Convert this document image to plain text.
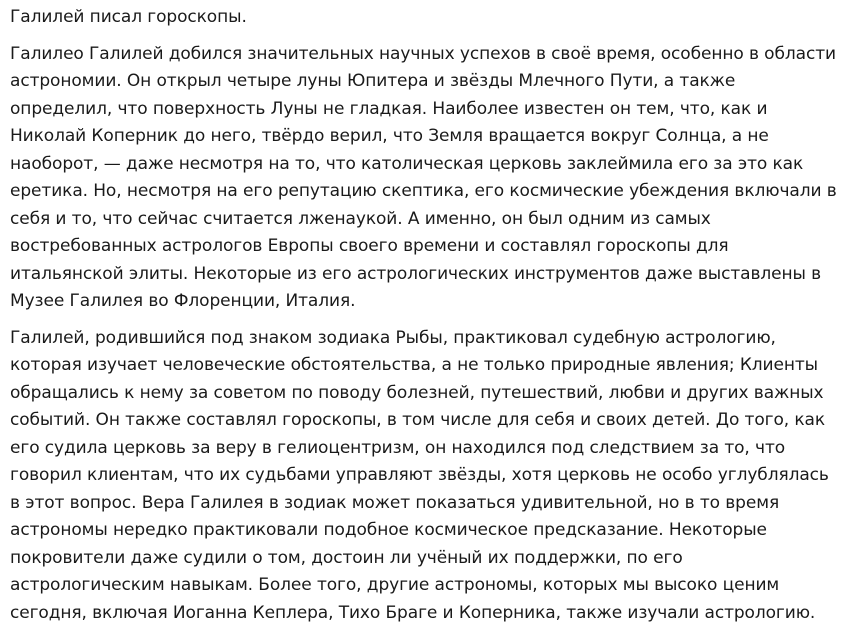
Галилей писал гороскопы.

Галилео Галилей добился значительных научных успехов в своё время, особенно в области астрономии. Он открыл четыре луны Юпитера и звёзды Млечного Пути, а также определил, что поверхность Луны не гладкая. Наиболее известен он тем, что, как и Николай Коперник до него, твёрдо верил, что Земля вращается вокруг Солнца, а не наоборот, — даже несмотря на то, что католическая церковь заклеймила его за это как еретика. Но, несмотря на его репутацию скептика, его космические убеждения включали в себя и то, что сейчас считается лженаукой. А именно, он был одним из самых востребованных астрологов Европы своего времени и составлял гороскопы для итальянской элиты. Некоторые из его астрологических инструментов даже выставлены в Музее Галилея во Флоренции, Италия.

Галилей, родившийся под знаком зодиака Рыбы, практиковал судебную астрологию, которая изучает человеческие обстоятельства, а не только природные явления; Клиенты обращались к нему за советом по поводу болезней, путешествий, любви и других важных событий. Он также составлял гороскопы, в том числе для себя и своих детей. До того, как его судила церковь за веру в гелиоцентризм, он находился под следствием за то, что говорил клиентам, что их судьбами управляют звёзды, хотя церковь не особо углублялась в этот вопрос. Вера Галилея в зодиак может показаться удивительной, но в то время астрономы нередко практиковали подобное космическое предсказание. Некоторые покровители даже судили о том, достоин ли учёный их поддержки, по его астрологическим навыкам. Более того, другие астрономы, которых мы высоко ценим сегодня, включая Иоганна Кеплера, Тихо Браге и Коперника, также изучали астрологию.
